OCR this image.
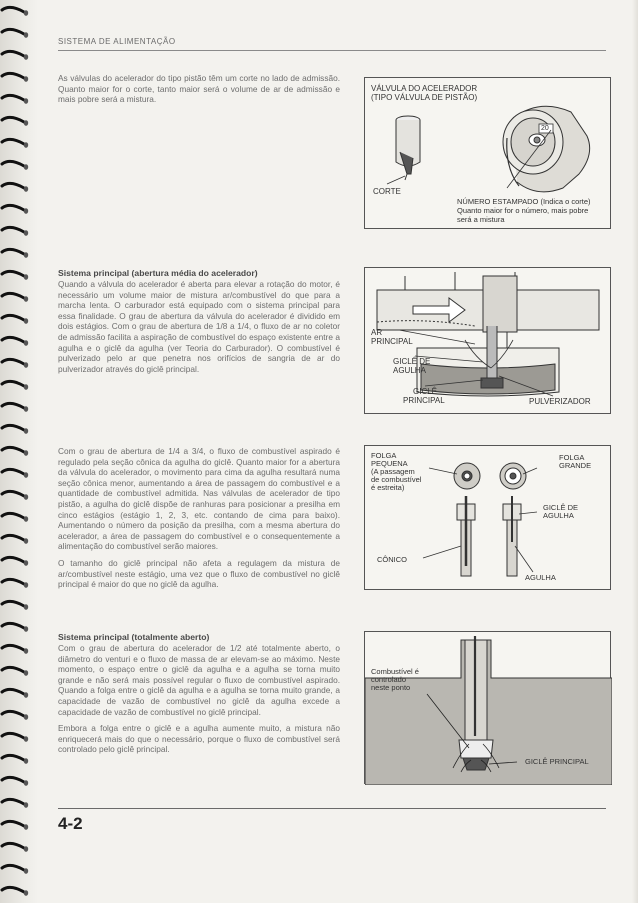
SISTEMA DE ALIMENTAÇÃO

As válvulas do acelerador do tipo pistão têm um corte no lado de admissão. Quanto maior for o corte, tanto maior será o volume de ar de admissão e mais pobre será a mistura.

VÁLVULA DO ACELERADOR
(TIPO VÁLVULA DE PISTÃO)
20
CORTE
NÚMERO ESTAMPADO (Indica o corte)
Quanto maior for o número, mais pobre
será a mistura
Sistema principal (abertura média do acelerador)

Quando a válvula do acelerador é aberta para elevar a rotação do motor, é necessário um volume maior de mistura ar/combustível do que para a marcha lenta. O carburador está equipado com o sistema principal para essa finalidade. O grau de abertura da válvula do acelerador é dividido em dois estágios. Com o grau de abertura de 1/8 a 1/4, o fluxo de ar no coletor de admissão facilita a aspiração de combustível do espaço existente entre a agulha e o giclê da agulha (ver Teoria do Carburador). O combustível é pulverizado pelo ar que penetra nos orifícios de sangria de ar do pulverizador através do giclê principal.

AR
PRINCIPAL
GICLÊ DE
AGULHA
GICLÊ
PRINCIPAL	PULVERIZADOR

Com o grau de abertura de 1/4 a 3/4, o fluxo de combustível aspirado é regulado pela seção cônica da agulha do giclê. Quanto maior for a abertura da válvula do acelerador, o movimento para cima da agulha resultará numa seção cônica menor, aumentando a área de passagem do combustível e a quantidade de combustível admitida. Nas válvulas de acelerador de tipo pistão, a agulha do giclê dispõe de ranhuras para posicionar a presilha em cinco estágios (estágio 1, 2, 3, etc. contando de cima para baixo). Aumentando o número da posição da presilha, com a mesma abertura do acelerador, a área de passagem do combustível e o consequentemente a alimentação do combustível serão maiores.

O tamanho do giclê principal não afeta a regulagem da mistura de ar/combustível neste estágio, uma vez que o fluxo de combustível no giclê principal é maior do que no giclê da agulha.

FOLGA
PEQUENA
(A passagem
de combustível
é estreita)
FOLGA
GRANDE
GICLÊ DE
AGULHA
CÔNICO
AGULHA
Sistema principal (totalmente aberto)

Com o grau de abertura do acelerador de 1/2 até totalmente aberto, o diâmetro do venturi e o fluxo de massa de ar elevam-se ao máximo. Neste momento, o espaço entre o giclê da agulha e a agulha se torna muito grande e não será mais possível regular o fluxo de combustível aspirado. Quando a folga entre o giclê da agulha e a agulha se torna muito grande, a capacidade de vazão de combustível no giclê da agulha excede a capacidade de vazão de combustível no giclê principal.

Embora a folga entre o giclê e a agulha aumente muito, a mistura não enriquecerá mais do que o necessário, porque o fluxo de combustível será controlado pelo giclê principal.

Combustível é
controlado
neste ponto
GICLÊ PRINCIPAL
4-2
